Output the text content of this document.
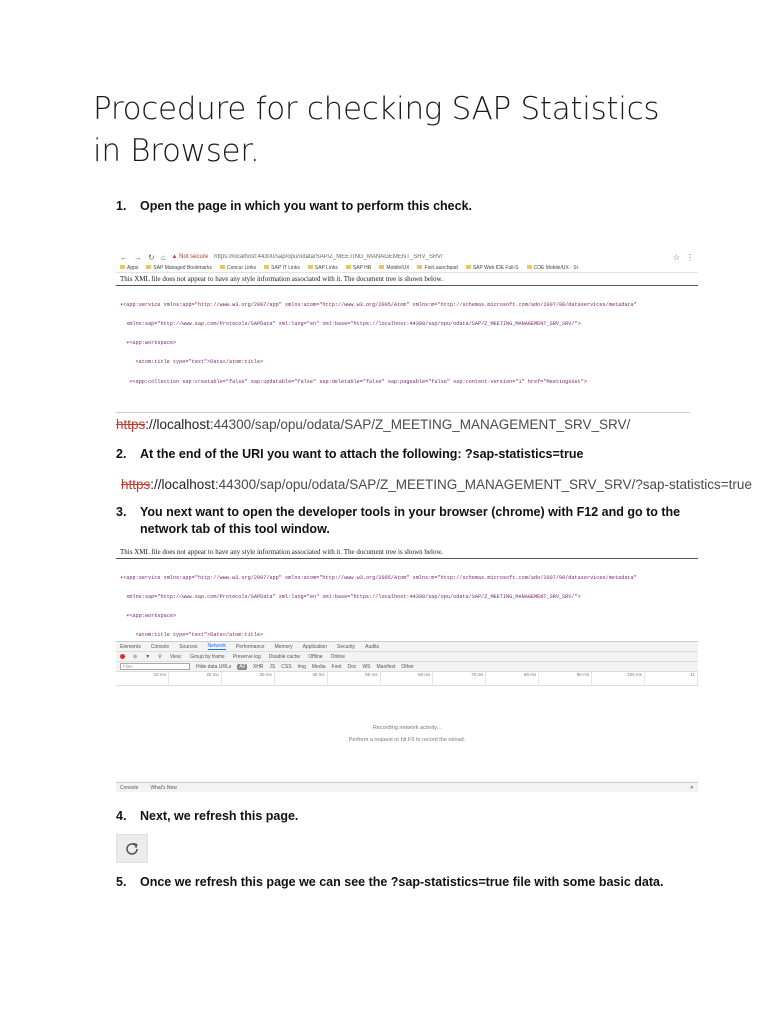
Procedure for checking SAP Statistics in Browser.
1.	Open the page in which you want to perform this check.
← → ↻ ⌂ ▲ Not secure https://localhost:44300/sap/opu/odata/SAP/Z_MEETING_MANAGEMENT_SRV_SRV/	☆ ⋮
Apps	SAP Managed Bookmarks	Concur Links	SAP IT Links	SAP Links	SAP HR	Mobile/UX	FiorLaunchpad	SAP Web IDE Full-S	COE Mobile/UX - Si
This XML file does not appear to have any style information associated with it. The document tree is shown below.

▾<app:service xmlns:app="http://www.w3.org/2007/app" xmlns:atom="http://www.w3.org/2005/Atom" xmlns:m="http://schemas.microsoft.com/ado/2007/08/dataservices/metadata"

xmlns:sap="http://www.sap.com/Protocols/SAPData" xml:lang="en" xml:base="https://localhost:44300/sap/opu/odata/SAP/Z_MEETING_MANAGEMENT_SRV_SRV/">

▾<app:workspace>

<atom:title type="text">Data</atom:title>

▾<app:collection sap:creatable="false" sap:updatable="false" sap:deletable="false" sap:pageable="false" sap:content-version="1" href="MeetingsSet">

https://localhost:44300/sap/opu/odata/SAP/Z_MEETING_MANAGEMENT_SRV_SRV/
2.	At the end of the URI you want to attach the following: ?sap-statistics=true
https://localhost:44300/sap/opu/odata/SAP/Z_MEETING_MANAGEMENT_SRV_SRV/?sap-statistics=true
3.	You next want to open the developer tools in your browser (chrome) with F12 and go to the network tab of this tool window.
This XML file does not appear to have any style information associated with it. The document tree is shown below.

▾<app:service xmlns:app="http://www.w3.org/2007/app" xmlns:atom="http://www.w3.org/2005/Atom" xmlns:m="http://schemas.microsoft.com/ado/2007/08/dataservices/metadata"

xmlns:sap="http://www.sap.com/Protocols/SAPData" xml:lang="en" xml:base="https://localhost:44300/sap/opu/odata/SAP/Z_MEETING_MANAGEMENT_SRV_SRV/">

▾<app:workspace>

<atom:title type="text">Data</atom:title>

Elements Console Sources Network Performance Memory Application Security Audits
⊘ ▼ ⚲ View: Group by frame Preserve log Disable cache Offline Online
Filter	Hide data URLs	All	XHR JS CSS Img Media Font Doc WS Manifest Other
10 ms	20 ms	30 ms	40 ms	50 ms	60 ms	70 ms	80 ms	90 ms	100 ms	11
Recording network activity...
Perform a request or hit F5 to record the reload.
Console What's New	✕
4.	Next, we refresh this page.
5.	Once we refresh this page we can see the ?sap-statistics=true file with some basic data.
